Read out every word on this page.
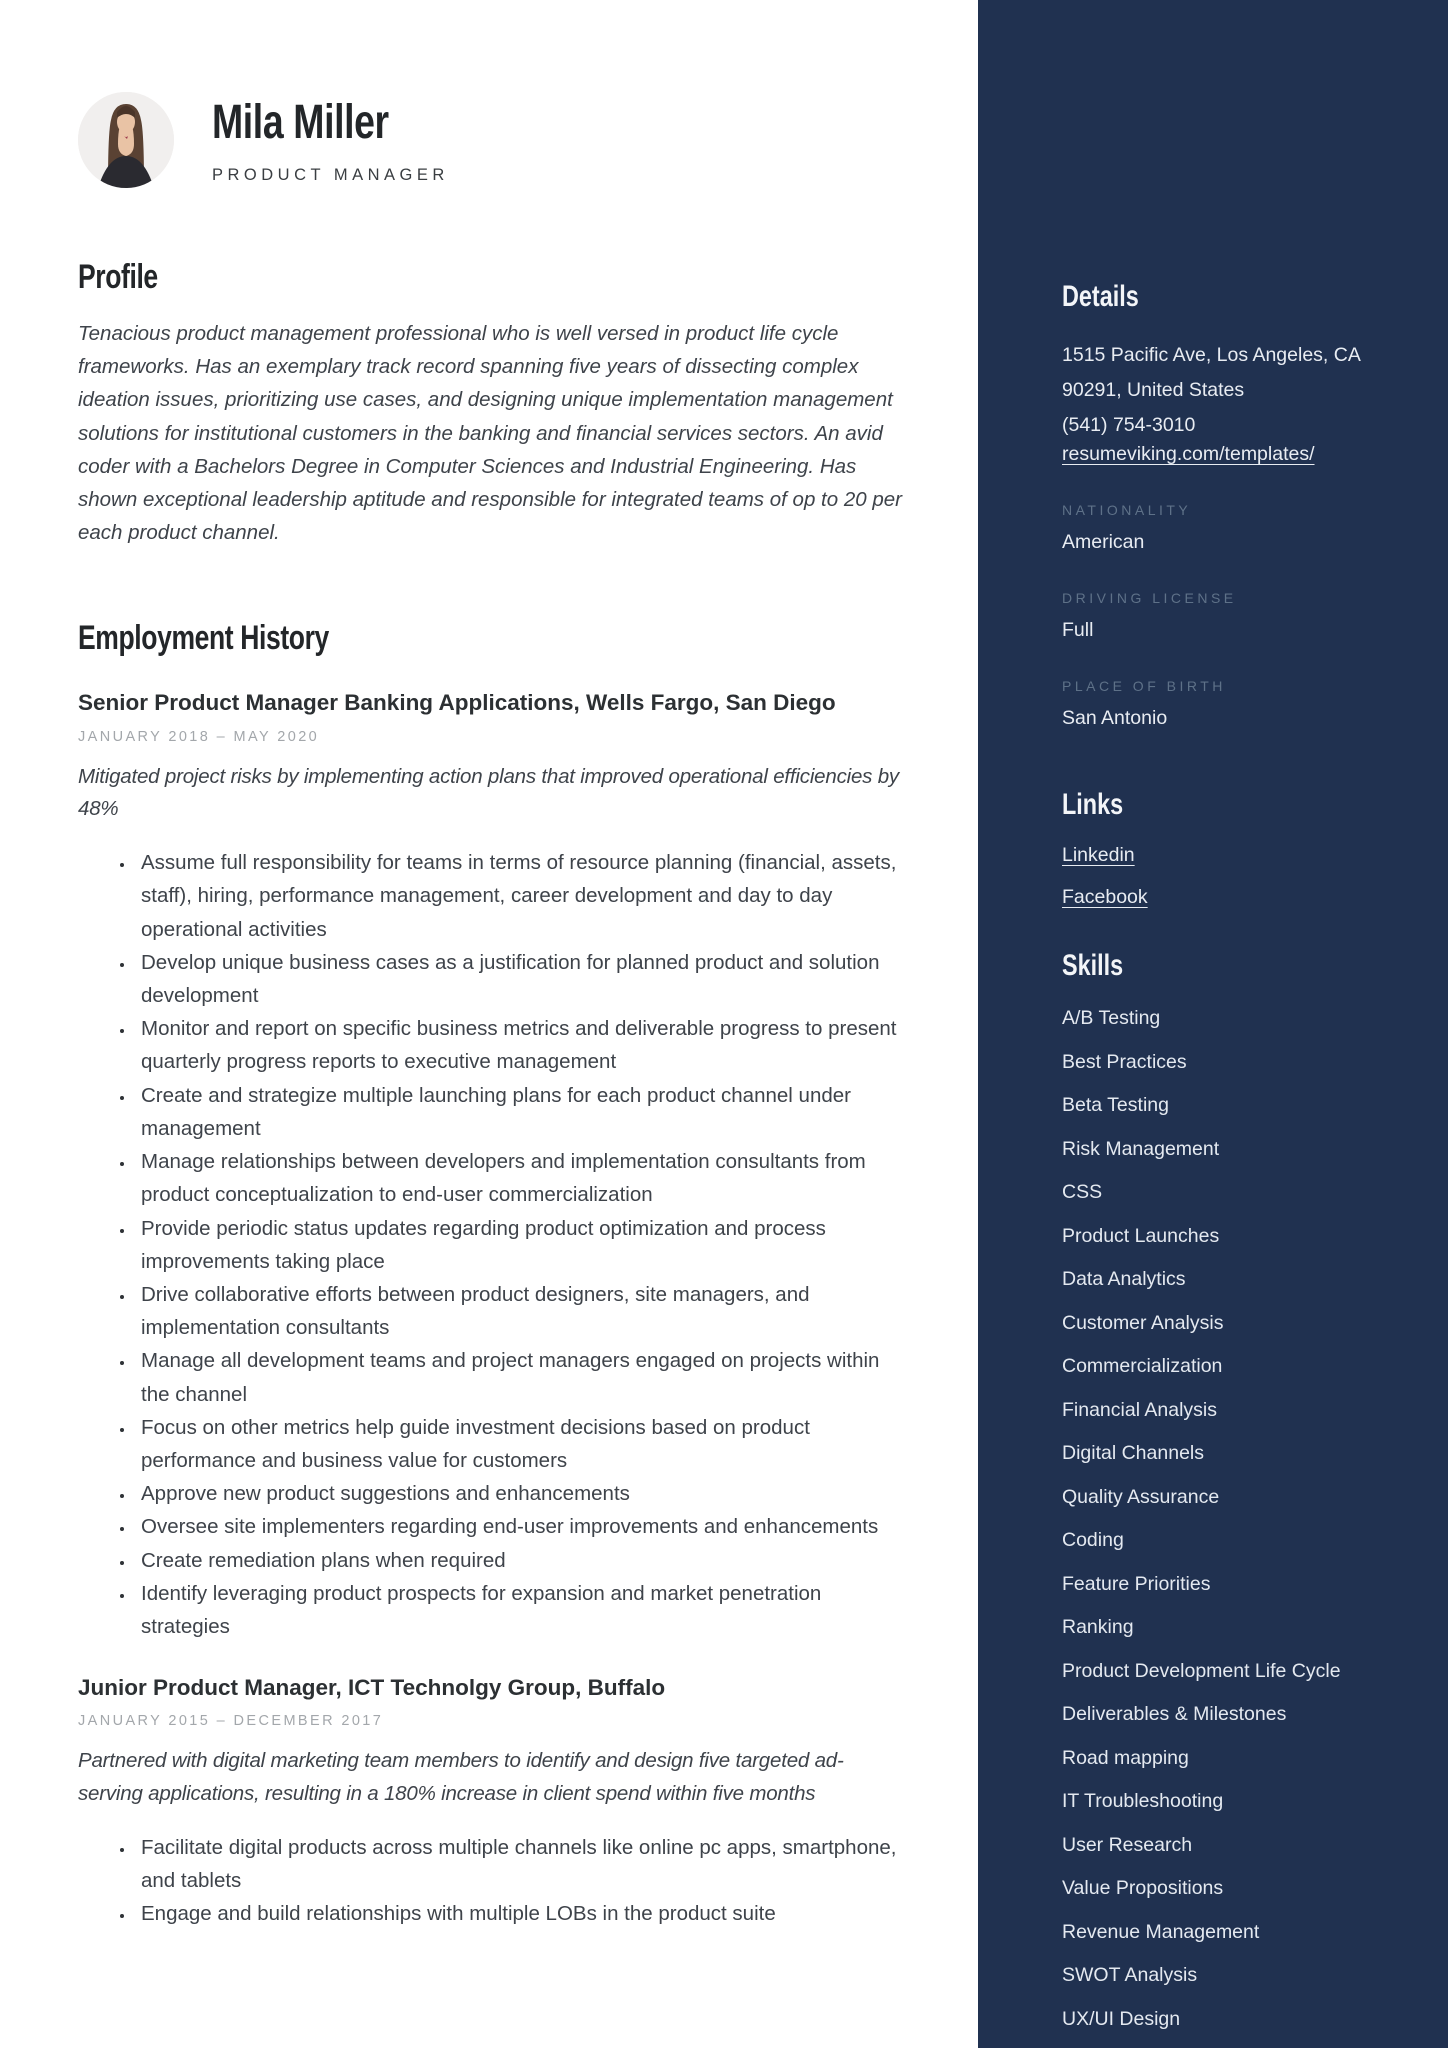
Mila Miller
PRODUCT MANAGER
Profile

Tenacious product management professional who is well versed in product life cycle frameworks. Has an exemplary track record spanning five years of dissecting complex ideation issues, prioritizing use cases, and designing unique implementation management solutions for institutional customers in the banking and financial services sectors. An avid coder with a Bachelors Degree in Computer Sciences and Industrial Engineering. Has shown exceptional leadership aptitude and responsible for integrated teams of op to 20 per each product channel.

Employment History
Senior Product Manager Banking Applications, Wells Fargo, San Diego
JANUARY 2018 – MAY 2020

Mitigated project risks by implementing action plans that improved operational efficiencies by 48%

• Assume full responsibility for teams in terms of resource planning (financial, assets, staff), hiring, performance management, career development and day to day operational activities
• Develop unique business cases as a justification for planned product and solution development
• Monitor and report on specific business metrics and deliverable progress to present quarterly progress reports to executive management
• Create and strategize multiple launching plans for each product channel under management
• Manage relationships between developers and implementation consultants from product conceptualization to end-user commercialization
• Provide periodic status updates regarding product optimization and process improvements taking place
• Drive collaborative efforts between product designers, site managers, and implementation consultants
• Manage all development teams and project managers engaged on projects within the channel
• Focus on other metrics help guide investment decisions based on product performance and business value for customers
• Approve new product suggestions and enhancements
• Oversee site implementers regarding end-user improvements and enhancements
• Create remediation plans when required
• Identify leveraging product prospects for expansion and market penetration strategies
Junior Product Manager, ICT Technolgy Group, Buffalo
JANUARY 2015 – DECEMBER 2017

Partnered with digital marketing team members to identify and design five targeted ad-serving applications, resulting in a 180% increase in client spend within five months

• Facilitate digital products across multiple channels like online pc apps, smartphone, and tablets
• Engage and build relationships with multiple LOBs in the product suite
Details
1515 Pacific Ave, Los Angeles, CA
90291, United States
(541) 754-3010
resumeviking.com/templates/
NATIONALITY
American
DRIVING LICENSE
Full
PLACE OF BIRTH
San Antonio
Links
Linkedin
Facebook
Skills
A/B Testing
Best Practices
Beta Testing
Risk Management
CSS
Product Launches
Data Analytics
Customer Analysis
Commercialization
Financial Analysis
Digital Channels
Quality Assurance
Coding
Feature Priorities
Ranking
Product Development Life Cycle
Deliverables & Milestones
Road mapping
IT Troubleshooting
User Research
Value Propositions
Revenue Management
SWOT Analysis
UX/UI Design
